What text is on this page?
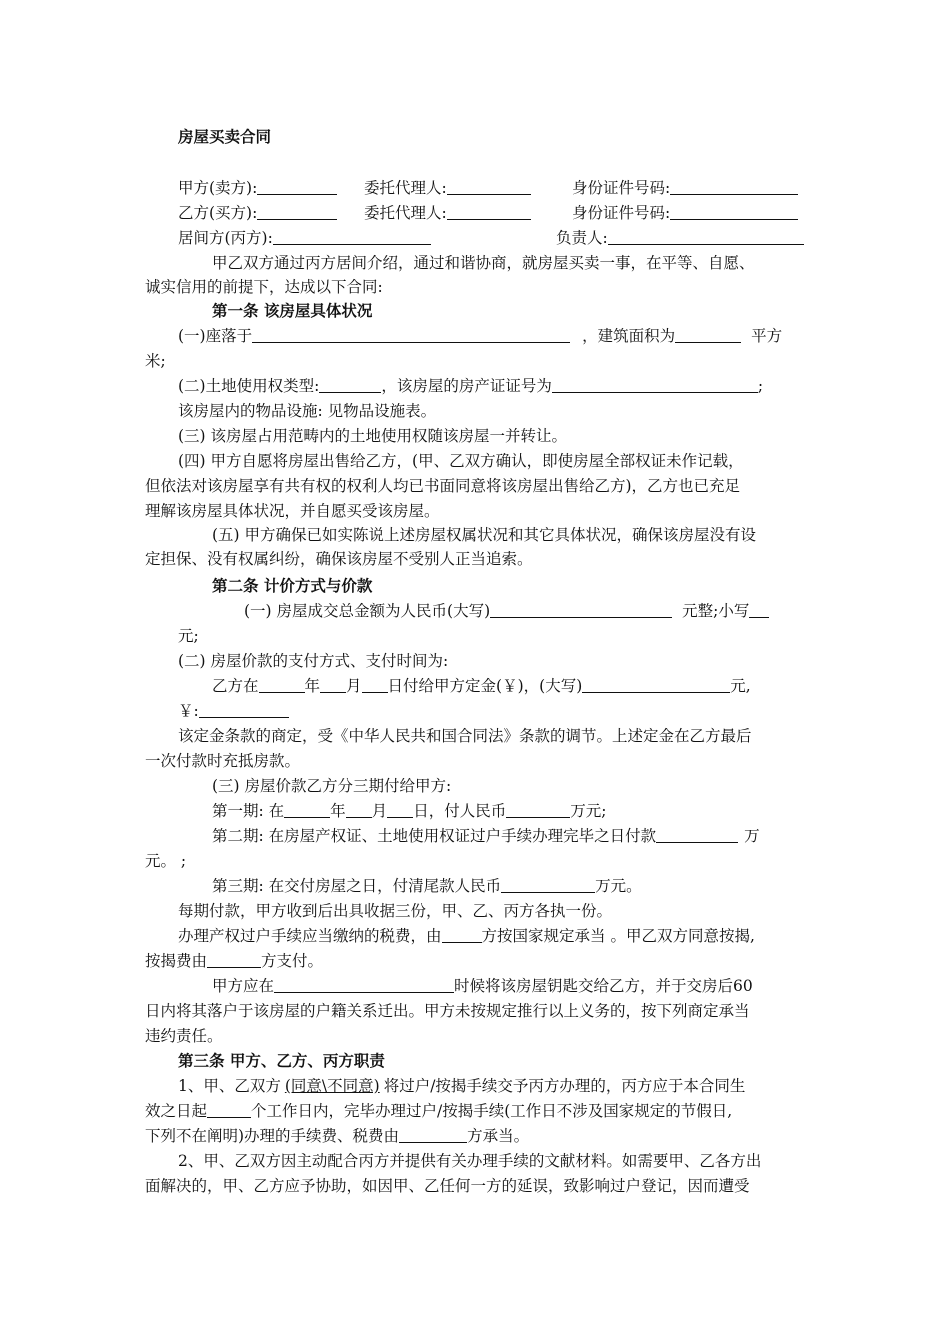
房屋买卖合同
甲方(卖方):	委托代理人:	身份证件号码:
乙方(买方):	委托代理人:	身份证件号码:
居间方(丙方):	负责人:
甲乙双方通过丙方居间介绍，通过和谐协商，就房屋买卖一事，在平等、自愿、
诚实信用的前提下，达成以下合同:
第一条 该房屋具体状况
(一)座落于	，建筑面积为	平方
米;
(二)土地使用权类型:	，该房屋的房产证证号为	;
该房屋内的物品设施: 见物品设施表。
(三) 该房屋占用范畴内的土地使用权随该房屋一并转让。
(四) 甲方自愿将房屋出售给乙方，(甲、乙双方确认，即使房屋全部权证未作记载，
但依法对该房屋享有共有权的权利人均已书面同意将该房屋出售给乙方)，乙方也已充足
理解该房屋具体状况，并自愿买受该房屋。
(五) 甲方确保已如实陈说上述房屋权属状况和其它具体状况，确保该房屋没有设
定担保、没有权属纠纷，确保该房屋不受别人正当追索。
第二条 计价方式与价款
(一) 房屋成交总金额为人民币(大写)	元整;小写
元;
(二) 房屋价款的支付方式、支付时间为:
乙方在	年 月 日付给甲方定金(￥)，(大写)	元,
￥:
该定金条款的商定，受《中华人民共和国合同法》条款的调节。上述定金在乙方最后
一次付款时充抵房款。
(三) 房屋价款乙方分三期付给甲方:
第一期: 在	年 月 日，付人民币	万元;
第二期: 在房屋产权证、土地使用权证过户手续办理完毕之日付款	万
元。 ;
第三期: 在交付房屋之日，付清尾款人民币	万元。
每期付款，甲方收到后出具收据三份，甲、乙、丙方各执一份。
办理产权过户手续应当缴纳的税费，由	方按国家规定承当 。甲乙双方同意按揭,
按揭费由	方支付。
甲方应在	时候将该房屋钥匙交给乙方，并于交房后60
日内将其落户于该房屋的户籍关系迁出。甲方未按规定推行以上义务的，按下列商定承当
违约责任。
第三条 甲方、乙方、丙方职责
1、甲、乙双方 (同意\不同意) 将过户/按揭手续交予丙方办理的，丙方应于本合同生
效之日起	个工作日内，完毕办理过户/按揭手续(工作日不涉及国家规定的节假日,
下列不在阐明)办理的手续费、税费由	方承当。
2、甲、乙双方因主动配合丙方并提供有关办理手续的文献材料。如需要甲、乙各方出
面解决的，甲、乙方应予协助，如因甲、乙任何一方的延误，致影响过户登记，因而遭受
